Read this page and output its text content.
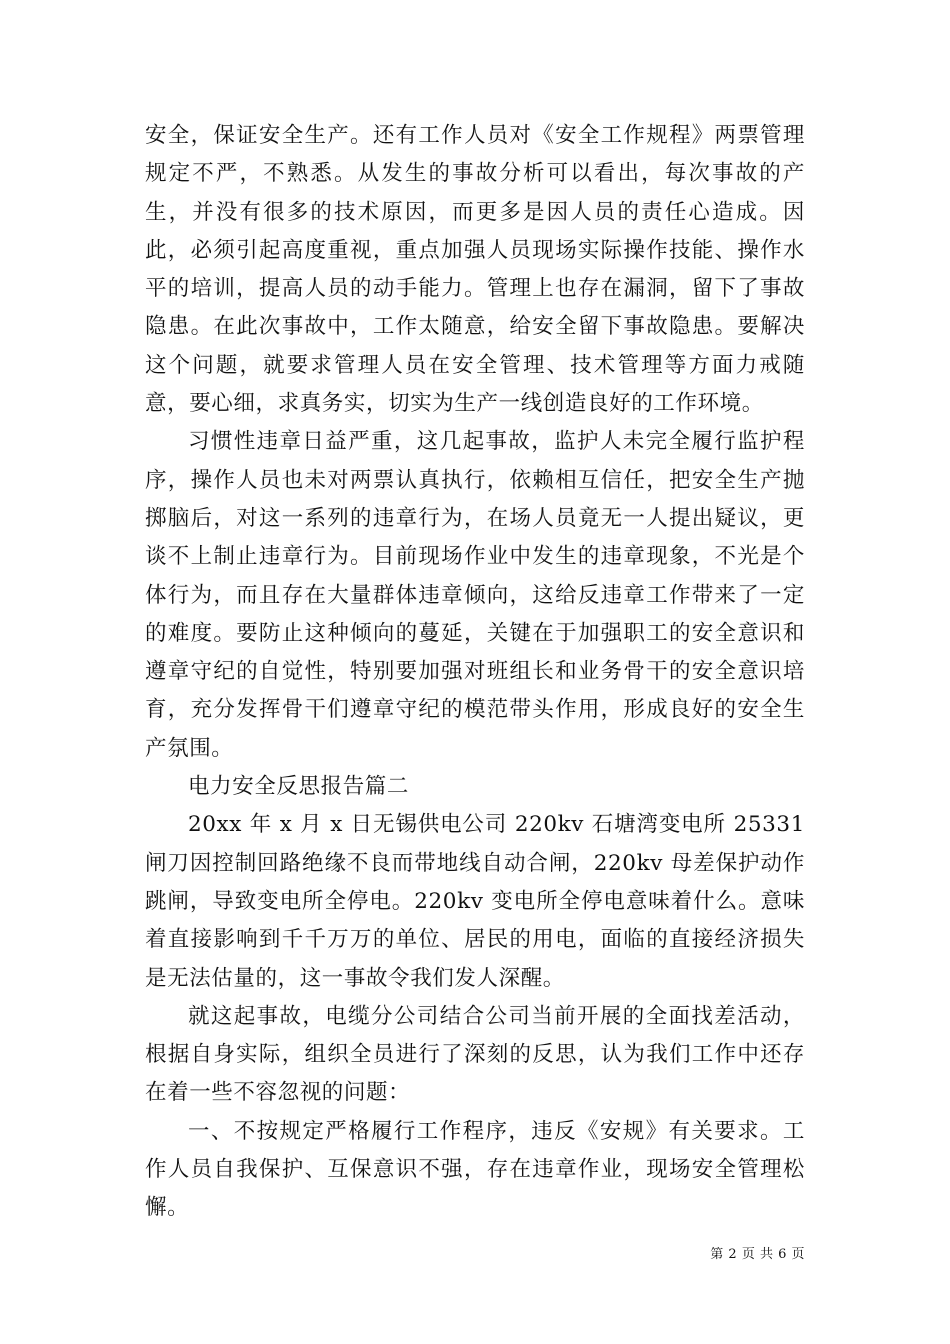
安全，保证安全生产。还有工作人员对《安全工作规程》两票管理规定不严，不熟悉。从发生的事故分析可以看出，每次事故的产生，并没有很多的技术原因，而更多是因人员的责任心造成。因此，必须引起高度重视，重点加强人员现场实际操作技能、操作水平的培训，提高人员的动手能力。管理上也存在漏洞，留下了事故隐患。在此次事故中，工作太随意，给安全留下事故隐患。要解决这个问题，就要求管理人员在安全管理、技术管理等方面力戒随意，要心细，求真务实，切实为生产一线创造良好的工作环境。

习惯性违章日益严重，这几起事故，监护人未完全履行监护程序，操作人员也未对两票认真执行，依赖相互信任，把安全生产抛掷脑后，对这一系列的违章行为，在场人员竟无一人提出疑议，更谈不上制止违章行为。目前现场作业中发生的违章现象，不光是个体行为，而且存在大量群体违章倾向，这给反违章工作带来了一定的难度。要防止这种倾向的蔓延，关键在于加强职工的安全意识和遵章守纪的自觉性，特别要加强对班组长和业务骨干的安全意识培育，充分发挥骨干们遵章守纪的模范带头作用，形成良好的安全生产氛围。

电力安全反思报告篇二

20xx 年 x 月 x 日无锡供电公司 220kv 石塘湾变电所 25331 闸刀因控制回路绝缘不良而带地线自动合闸，220kv 母差保护动作跳闸，导致变电所全停电。220kv 变电所全停电意味着什么。意味着直接影响到千千万万的单位、居民的用电，面临的直接经济损失是无法估量的，这一事故令我们发人深醒。

就这起事故，电缆分公司结合公司当前开展的全面找差活动，根据自身实际，组织全员进行了深刻的反思，认为我们工作中还存在着一些不容忽视的问题：

一、不按规定严格履行工作程序，违反《安规》有关要求。工作人员自我保护、互保意识不强，存在违章作业，现场安全管理松懈。

第 2 页 共 6 页
